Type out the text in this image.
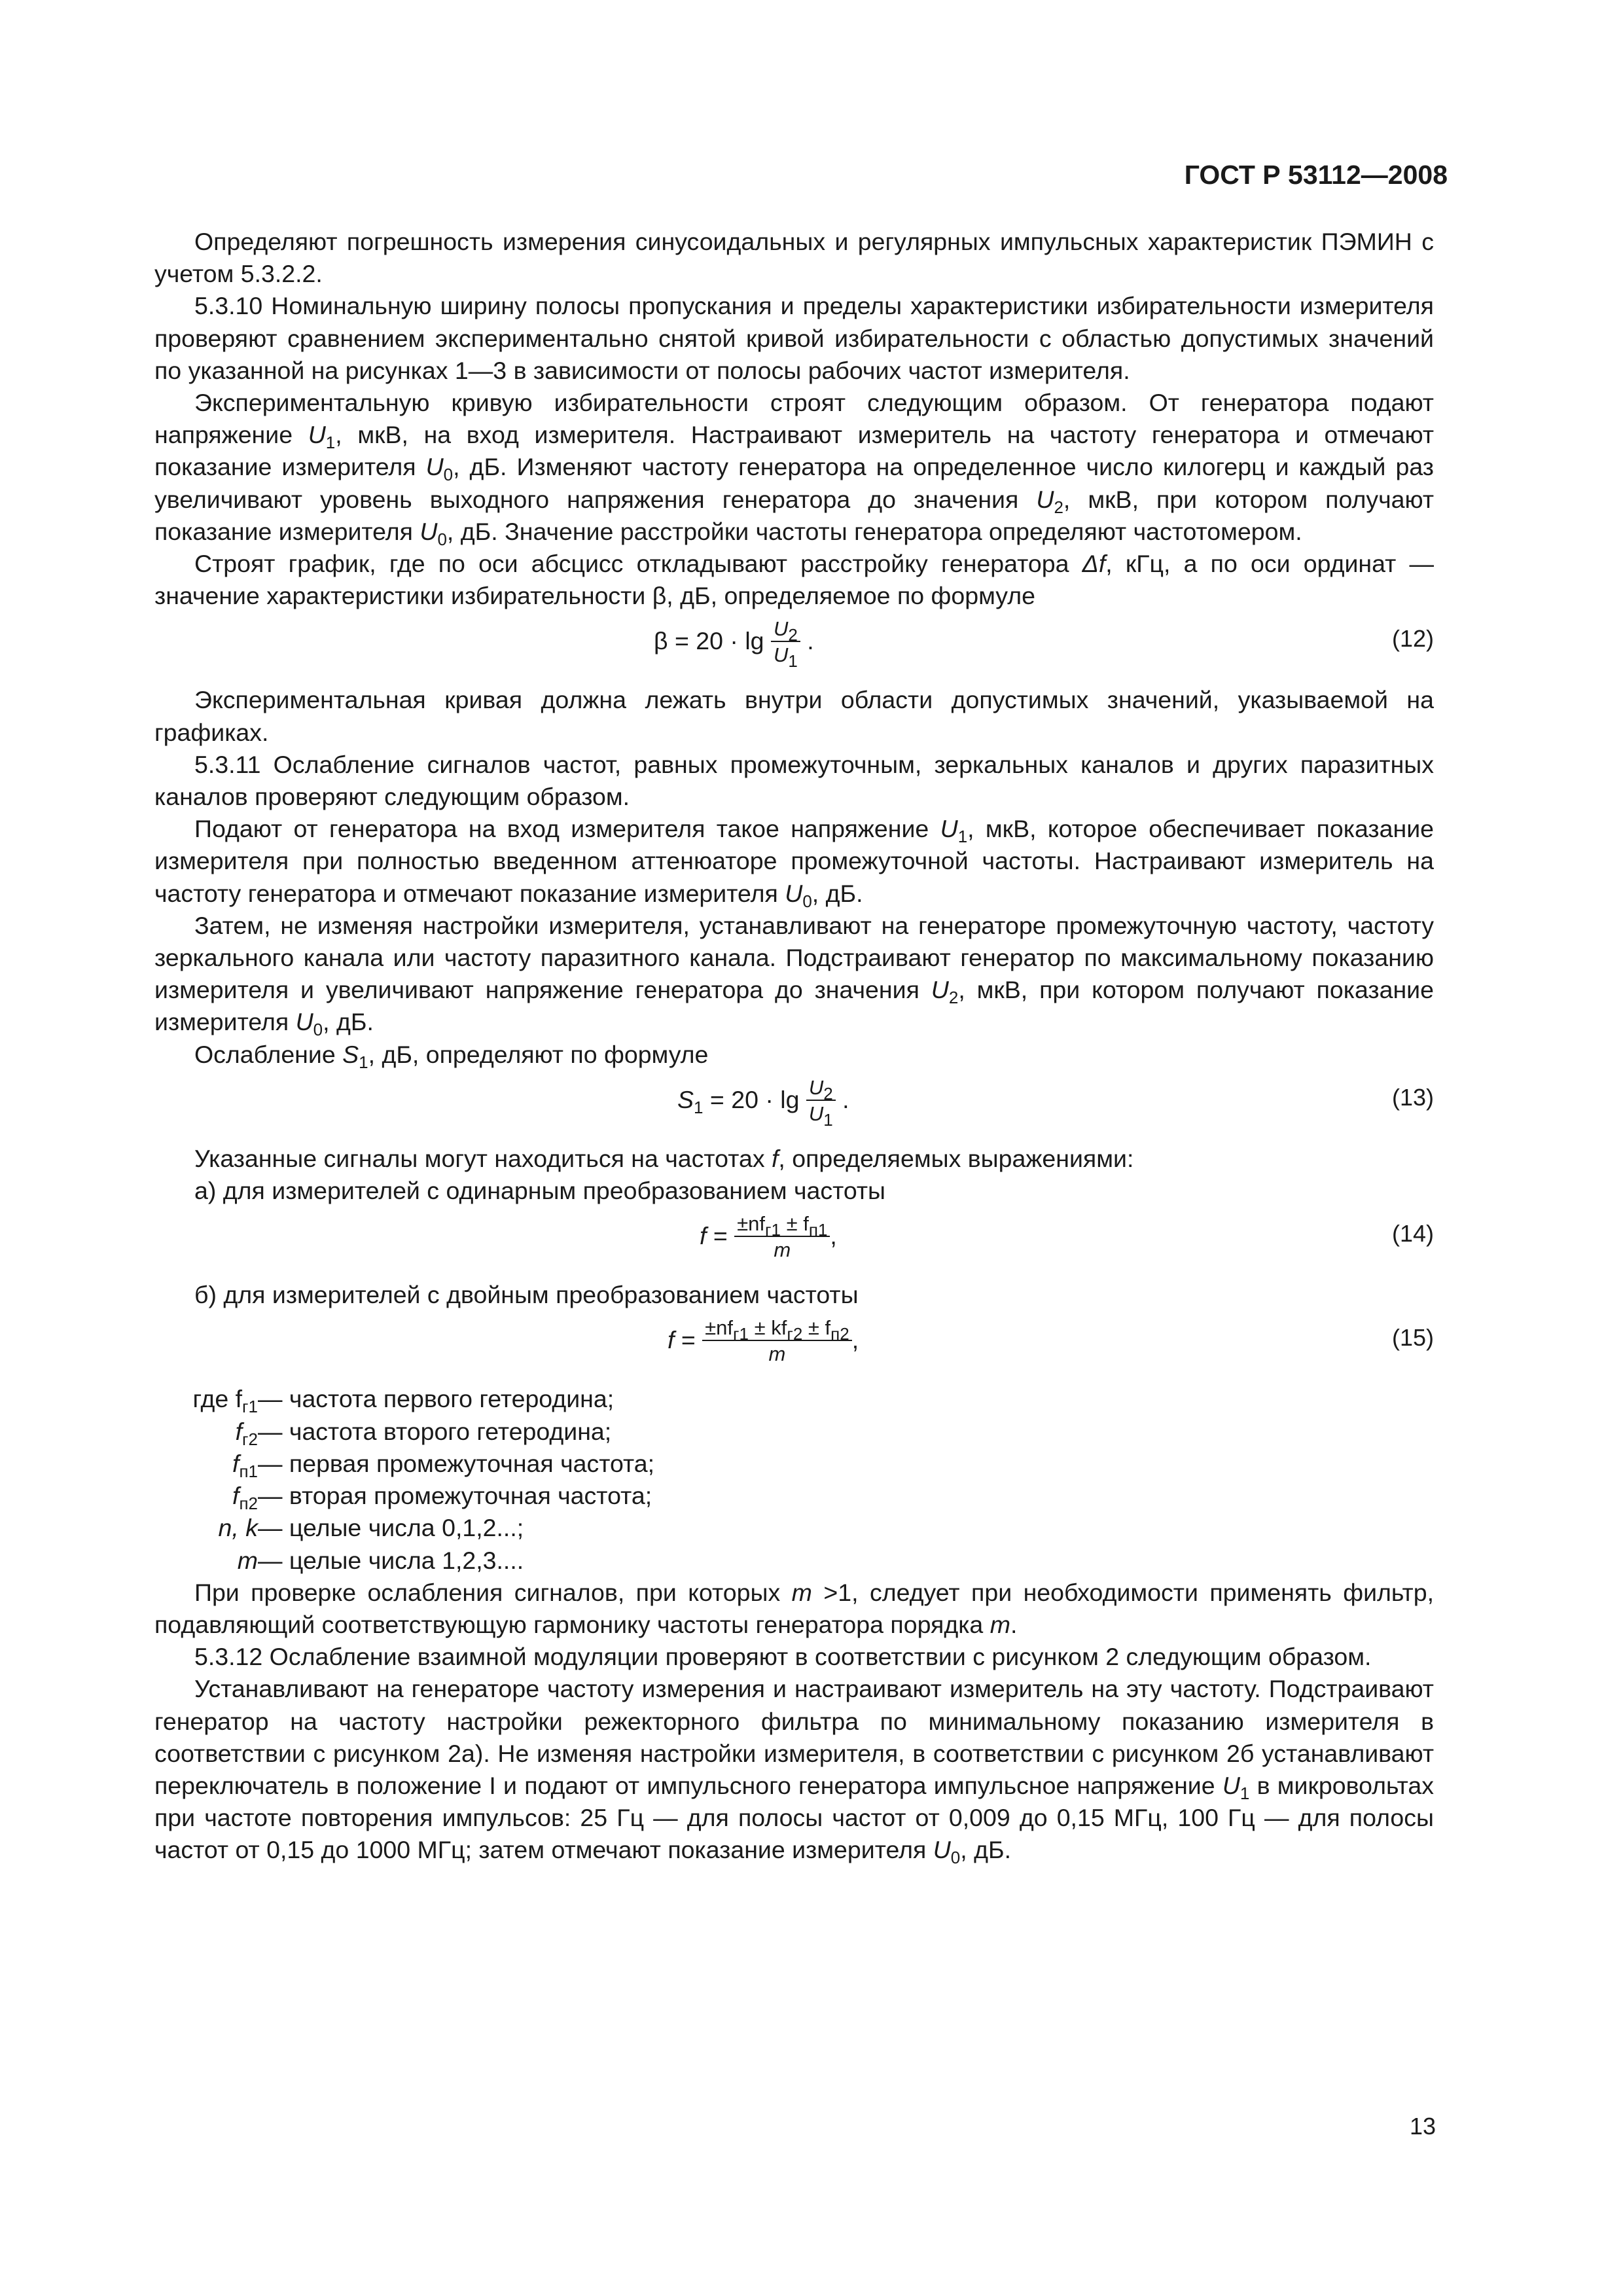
ГОСТ Р 53112—2008

Определяют погрешность измерения синусоидальных и регулярных импульсных характеристик ПЭМИН с учетом 5.3.2.2.

5.3.10 Номинальную ширину полосы пропускания и пределы характеристики избирательности измерителя проверяют сравнением экспериментально снятой кривой избирательности с областью допустимых значений по указанной на рисунках 1—3 в зависимости от полосы рабочих частот измерителя.

Экспериментальную кривую избирательности строят следующим образом. От генератора подают напряжение $U_1$, мкВ, на вход измерителя. Настраивают измеритель на частоту генератора и отмечают показание измерителя $U_0$, дБ. Изменяют частоту генератора на определенное число килогерц и каждый раз увеличивают уровень выходного напряжения генератора до значения $U_2$, мкВ, при котором получают показание измерителя $U_0$, дБ. Значение расстройки частоты генератора определяют частотомером.

Строят график, где по оси абсцисс откладывают расстройку генератора Δf, кГц, а по оси ординат — значение характеристики избирательности β, дБ, определяемое по формуле

$\beta = 20 \cdot \lg \frac{U_2}{U_1}$ .	(12)

Экспериментальная кривая должна лежать внутри области допустимых значений, указываемой на графиках.

5.3.11 Ослабление сигналов частот, равных промежуточным, зеркальных каналов и других паразитных каналов проверяют следующим образом.

Подают от генератора на вход измерителя такое напряжение $U_1$, мкВ, которое обеспечивает показание измерителя при полностью введенном аттенюаторе промежуточной частоты. Настраивают измеритель на частоту генератора и отмечают показание измерителя $U_0$, дБ.

Затем, не изменяя настройки измерителя, устанавливают на генераторе промежуточную частоту, частоту зеркального канала или частоту паразитного канала. Подстраивают генератор по максимальному показанию измерителя и увеличивают напряжение генератора до значения $U_2$, мкВ, при котором получают показание измерителя $U_0$, дБ.

Ослабление $S_1$, дБ, определяют по формуле

$S_1 = 20 \cdot \lg \frac{U_2}{U_1}$ .	(13)

Указанные сигналы могут находиться на частотах f, определяемых выражениями:

а) для измерителей с одинарным преобразованием частоты

$f = \frac{\pm nf_{г1} \pm f_{п1}}{m}$ ,	(14)

б) для измерителей с двойным преобразованием частоты

$f = \frac{\pm nf_{г1} \pm kf_{г2} \pm f_{п2}}{m}$ ,	(15)
где $f_{г1}$ — частота первого гетеродина;
$f_{г2}$ — частота второго гетеродина;
$f_{п1}$ — первая промежуточная частота;
$f_{п2}$ — вторая промежуточная частота;
n, k — целые числа 0,1,2...;
m — целые числа 1,2,3....

При проверке ослабления сигналов, при которых m >1, следует при необходимости применять фильтр, подавляющий соответствующую гармонику частоты генератора порядка m.

5.3.12 Ослабление взаимной модуляции проверяют в соответствии с рисунком 2 следующим образом.

Устанавливают на генераторе частоту измерения и настраивают измеритель на эту частоту. Подстраивают генератор на частоту настройки режекторного фильтра по минимальному показанию измерителя в соответствии с рисунком 2а). Не изменяя настройки измерителя, в соответствии с рисунком 2б устанавливают переключатель в положение I и подают от импульсного генератора импульсное напряжение $U_1$ в микровольтах при частоте повторения импульсов: 25 Гц — для полосы частот от 0,009 до 0,15 МГц, 100 Гц — для полосы частот от 0,15 до 1000 МГц; затем отмечают показание измерителя $U_0$, дБ.

13
